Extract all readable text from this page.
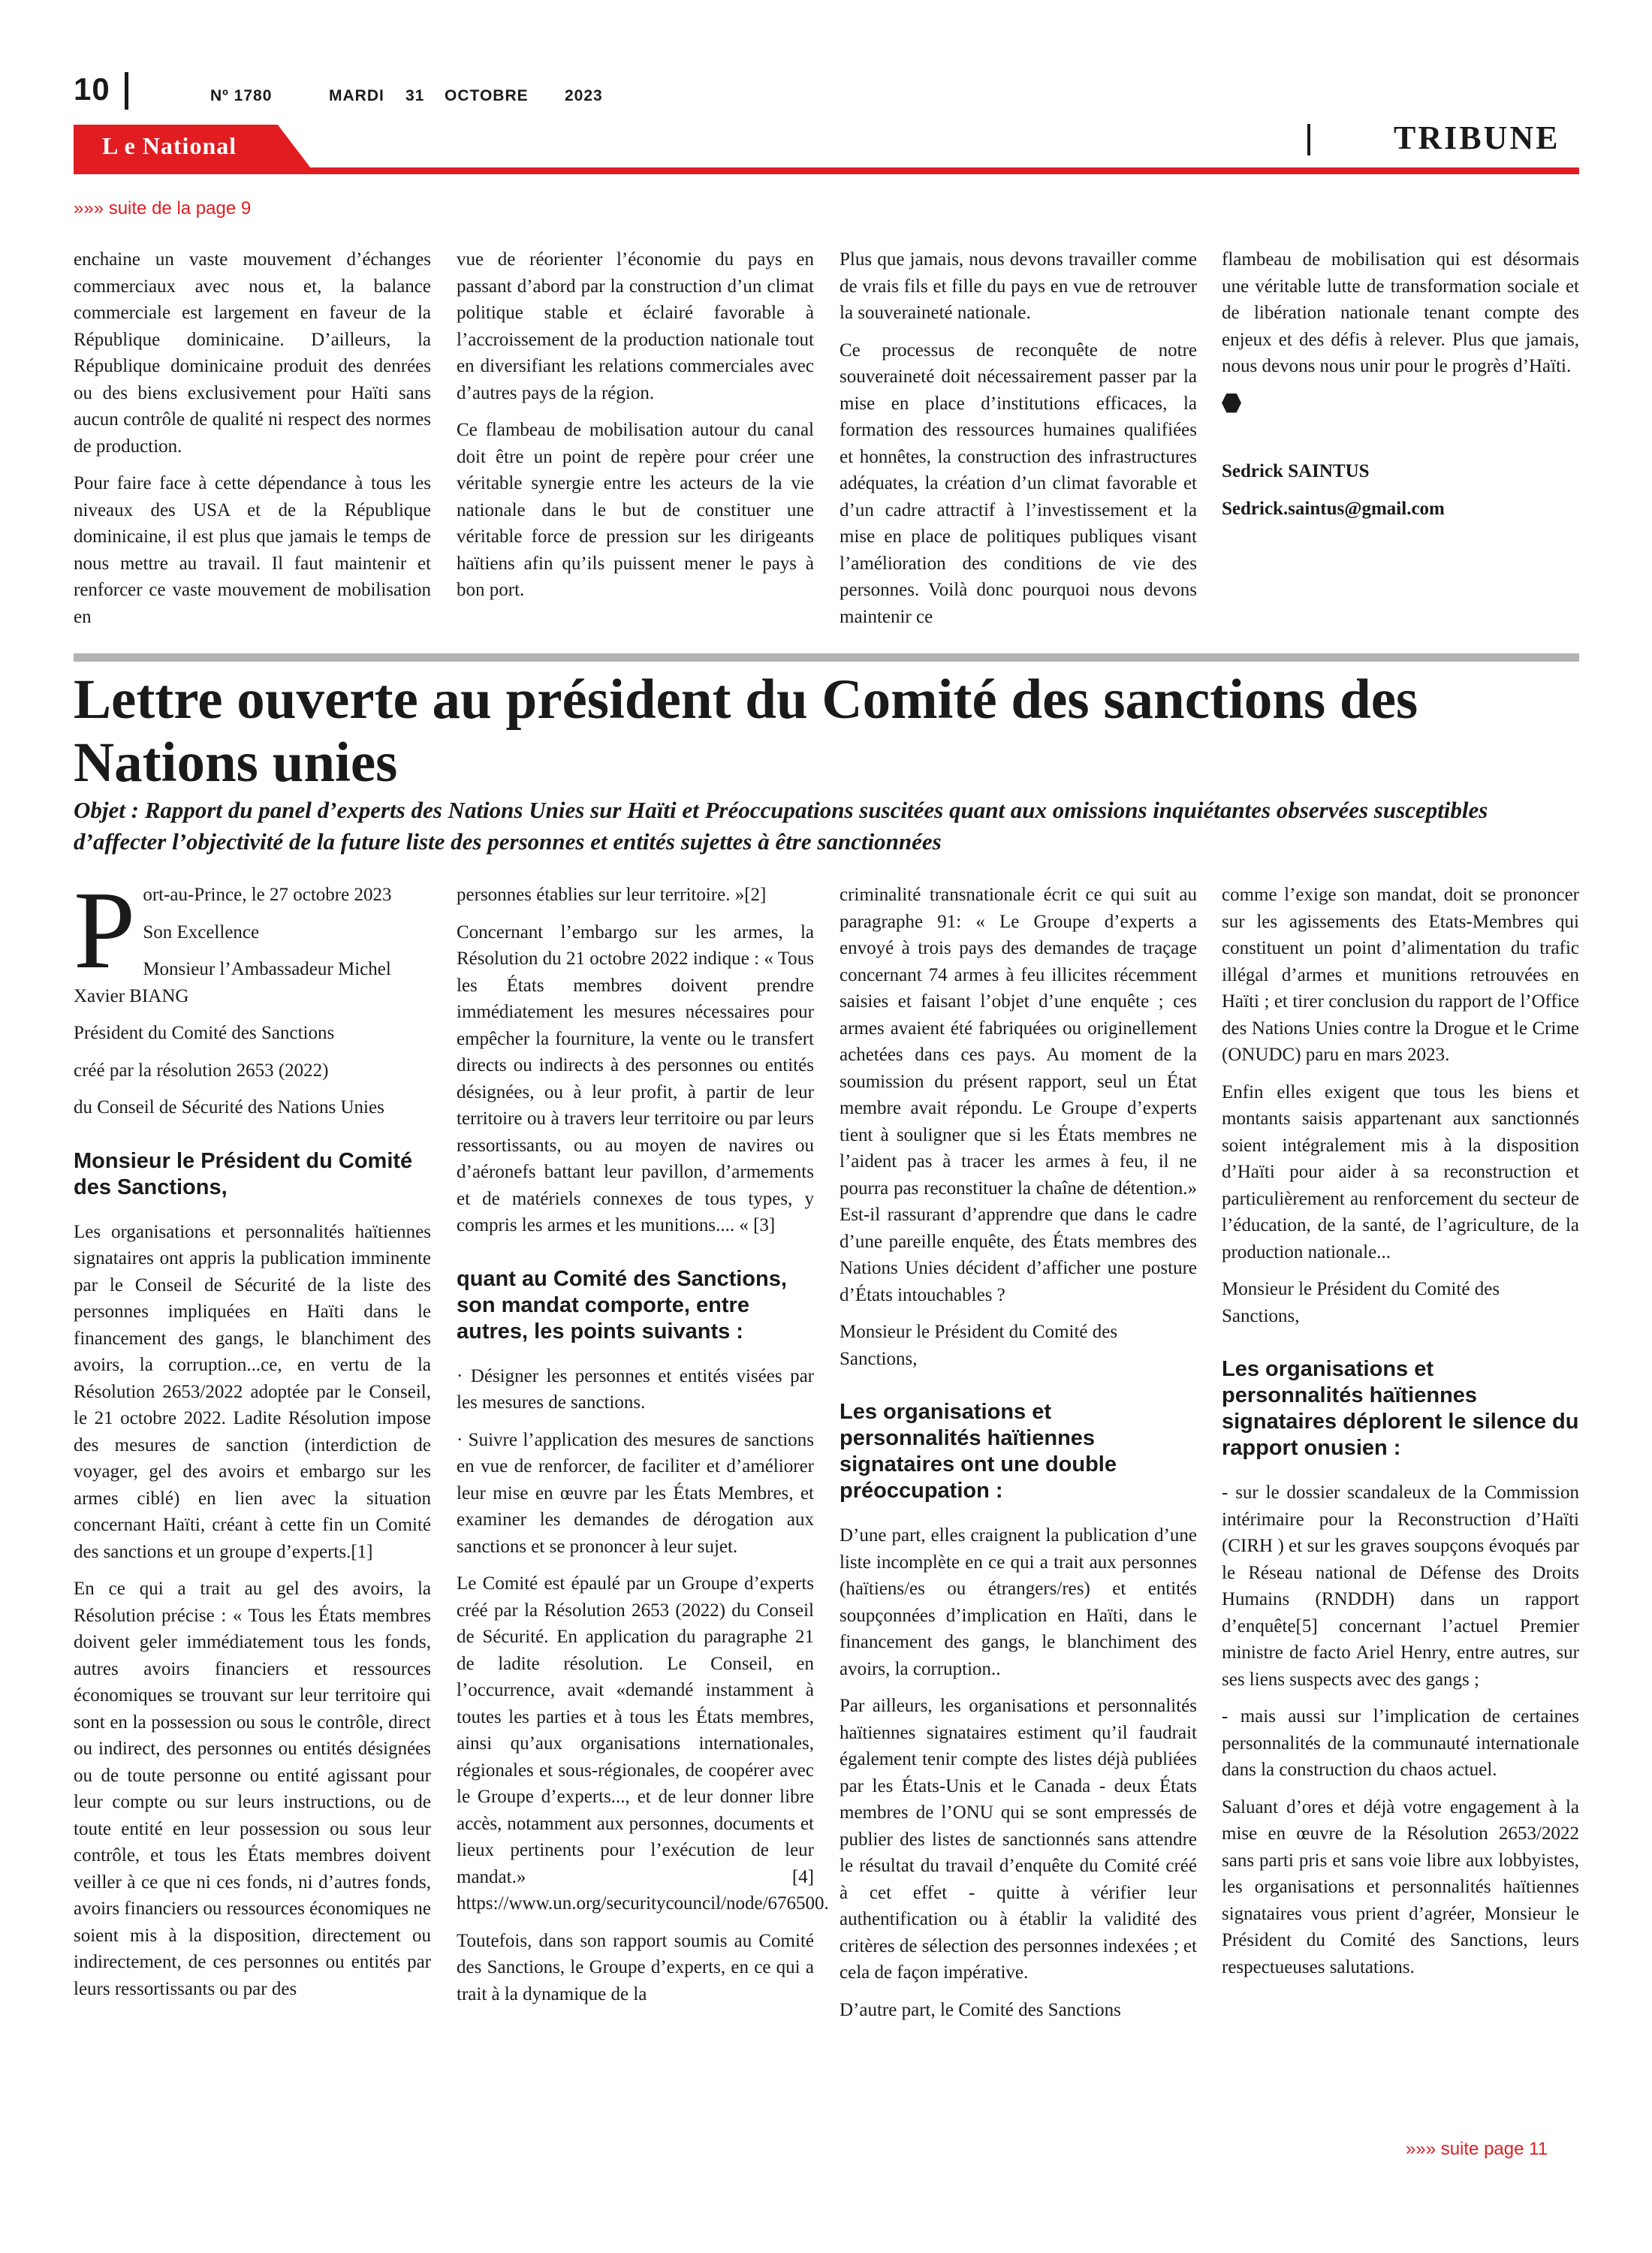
10	Nº 1780	MARDI 31 OCTOBRE 2023
L e National	TRIBUNE
»»» suite de la page 9

enchaine un vaste mouvement d’échanges commerciaux avec nous et, la balance commerciale est largement en faveur de la République dominicaine. D’ailleurs, la République dominicaine produit des denrées ou des biens exclusivement pour Haïti sans aucun contrôle de qualité ni respect des normes de production.

Pour faire face à cette dépendance à tous les niveaux des USA et de la République dominicaine, il est plus que jamais le temps de nous mettre au travail. Il faut maintenir et renforcer ce vaste mouvement de mobilisation en

vue de réorienter l’économie du pays en passant d’abord par la construction d’un climat politique stable et éclairé favorable à l’accroissement de la production nationale tout en diversifiant les relations commerciales avec d’autres pays de la région.

Ce flambeau de mobilisation autour du canal doit être un point de repère pour créer une véritable synergie entre les acteurs de la vie nationale dans le but de constituer une véritable force de pression sur les dirigeants haïtiens afin qu’ils puissent mener le pays à bon port.

Plus que jamais, nous devons travailler comme de vrais fils et fille du pays en vue de retrouver la souveraineté nationale.

Ce processus de reconquête de notre souveraineté doit nécessairement passer par la mise en place d’institutions efficaces, la formation des ressources humaines qualifiées et honnêtes, la construction des infrastructures adéquates, la création d’un climat favorable et d’un cadre attractif à l’investissement et la mise en place de politiques publiques visant l’amélioration des conditions de vie des personnes. Voilà donc pourquoi nous devons maintenir ce

flambeau de mobilisation qui est désormais une véritable lutte de transformation sociale et de libération nationale tenant compte des enjeux et des défis à relever. Plus que jamais, nous devons nous unir pour le progrès d’Haïti.

Sedrick SAINTUS

Sedrick.saintus@gmail.com

Lettre ouverte au président du Comité des sanctions des Nations unies
Objet : Rapport du panel d’experts des Nations Unies sur Haïti et Préoccupations suscitées quant aux omissions inquiétantes observées susceptibles d’affecter l’objectivité de la future liste des personnes et entités sujettes à être sanctionnées
P ort-au-Prince, le 27 octobre 2023

Son Excellence

Monsieur l’Ambassadeur Michel Xavier BIANG

Président du Comité des Sanctions

créé par la résolution 2653 (2022)

du Conseil de Sécurité des Nations Unies

Monsieur le Président du Comité des Sanctions,

Les organisations et personnalités haïtiennes signataires ont appris la publication imminente par le Conseil de Sécurité de la liste des personnes impliquées en Haïti dans le financement des gangs, le blanchiment des avoirs, la corruption...ce, en vertu de la Résolution 2653/2022 adoptée par le Conseil, le 21 octobre 2022. Ladite Résolution impose des mesures de sanction (interdiction de voyager, gel des avoirs et embargo sur les armes ciblé) en lien avec la situation concernant Haïti, créant à cette fin un Comité des sanctions et un groupe d’experts.[1]

En ce qui a trait au gel des avoirs, la Résolution précise : « Tous les États membres doivent geler immédiatement tous les fonds, autres avoirs financiers et ressources économiques se trouvant sur leur territoire qui sont en la possession ou sous le contrôle, direct ou indirect, des personnes ou entités désignées ou de toute personne ou entité agissant pour leur compte ou sur leurs instructions, ou de toute entité en leur possession ou sous leur contrôle, et tous les États membres doivent veiller à ce que ni ces fonds, ni d’autres fonds, avoirs financiers ou ressources économiques ne soient mis à la disposition, directement ou indirectement, de ces personnes ou entités par leurs ressortissants ou par des

personnes établies sur leur territoire. »[2]

Concernant l’embargo sur les armes, la Résolution du 21 octobre 2022 indique : « Tous les États membres doivent prendre immédiatement les mesures nécessaires pour empêcher la fourniture, la vente ou le transfert directs ou indirects à des personnes ou entités désignées, ou à leur profit, à partir de leur territoire ou à travers leur territoire ou par leurs ressortissants, ou au moyen de navires ou d’aéronefs battant leur pavillon, d’armements et de matériels connexes de tous types, y compris les armes et les munitions.... « [3]

quant au Comité des Sanctions, son mandat comporte, entre autres, les points suivants :

· Désigner les personnes et entités visées par les mesures de sanctions.

· Suivre l’application des mesures de sanctions en vue de renforcer, de faciliter et d’améliorer leur mise en œuvre par les États Membres, et examiner les demandes de dérogation aux sanctions et se prononcer à leur sujet.

Le Comité est épaulé par un Groupe d’experts créé par la Résolution 2653 (2022) du Conseil de Sécurité. En application du paragraphe 21 de ladite résolution. Le Conseil, en l’occurrence, avait «demandé instamment à toutes les parties et à tous les États membres, ainsi qu’aux organisations internationales, régionales et sous-régionales, de coopérer avec le Groupe d’experts..., et de leur donner libre accès, notamment aux personnes, documents et lieux pertinents pour l’exécution de leur mandat.» [4] https://www.un.org/securitycouncil/node/676500.

Toutefois, dans son rapport soumis au Comité des Sanctions, le Groupe d’experts, en ce qui a trait à la dynamique de la

criminalité transnationale écrit ce qui suit au paragraphe 91: « Le Groupe d’experts a envoyé à trois pays des demandes de traçage concernant 74 armes à feu illicites récemment saisies et faisant l’objet d’une enquête ; ces armes avaient été fabriquées ou originellement achetées dans ces pays. Au moment de la soumission du présent rapport, seul un État membre avait répondu. Le Groupe d’experts tient à souligner que si les États membres ne l’aident pas à tracer les armes à feu, il ne pourra pas reconstituer la chaîne de détention.» Est-il rassurant d’apprendre que dans le cadre d’une pareille enquête, des États membres des Nations Unies décident d’afficher une posture d’États intouchables ?

Monsieur le Président du Comité des Sanctions,

Les organisations et personnalités haïtiennes signataires ont une double préoccupation :

D’une part, elles craignent la publication d’une liste incomplète en ce qui a trait aux personnes (haïtiens/es ou étrangers/res) et entités soupçonnées d’implication en Haïti, dans le financement des gangs, le blanchiment des avoirs, la corruption..

Par ailleurs, les organisations et personnalités haïtiennes signataires estiment qu’il faudrait également tenir compte des listes déjà publiées par les États-Unis et le Canada - deux États membres de l’ONU qui se sont empressés de publier des listes de sanctionnés sans attendre le résultat du travail d’enquête du Comité créé à cet effet - quitte à vérifier leur authentification ou à établir la validité des critères de sélection des personnes indexées ; et cela de façon impérative.

D’autre part, le Comité des Sanctions

comme l’exige son mandat, doit se prononcer sur les agissements des Etats-Membres qui constituent un point d’alimentation du trafic illégal d’armes et munitions retrouvées en Haïti ; et tirer conclusion du rapport de l’Office des Nations Unies contre la Drogue et le Crime (ONUDC) paru en mars 2023.

Enfin elles exigent que tous les biens et montants saisis appartenant aux sanctionnés soient intégralement mis à la disposition d’Haïti pour aider à sa reconstruction et particulièrement au renforcement du secteur de l’éducation, de la santé, de l’agriculture, de la production nationale...

Monsieur le Président du Comité des Sanctions,

Les organisations et personnalités haïtiennes signataires déplorent le silence du rapport onusien :

- sur le dossier scandaleux de la Commission intérimaire pour la Reconstruction d’Haïti (CIRH ) et sur les graves soupçons évoqués par le Réseau national de Défense des Droits Humains (RNDDH) dans un rapport d’enquête[5] concernant l’actuel Premier ministre de facto Ariel Henry, entre autres, sur ses liens suspects avec des gangs ;

- mais aussi sur l’implication de certaines personnalités de la communauté internationale dans la construction du chaos actuel.

Saluant d’ores et déjà votre engagement à la mise en œuvre de la Résolution 2653/2022 sans parti pris et sans voie libre aux lobbyistes, les organisations et personnalités haïtiennes signataires vous prient d’agréer, Monsieur le Président du Comité des Sanctions, leurs respectueuses salutations.

»»» suite page 11
